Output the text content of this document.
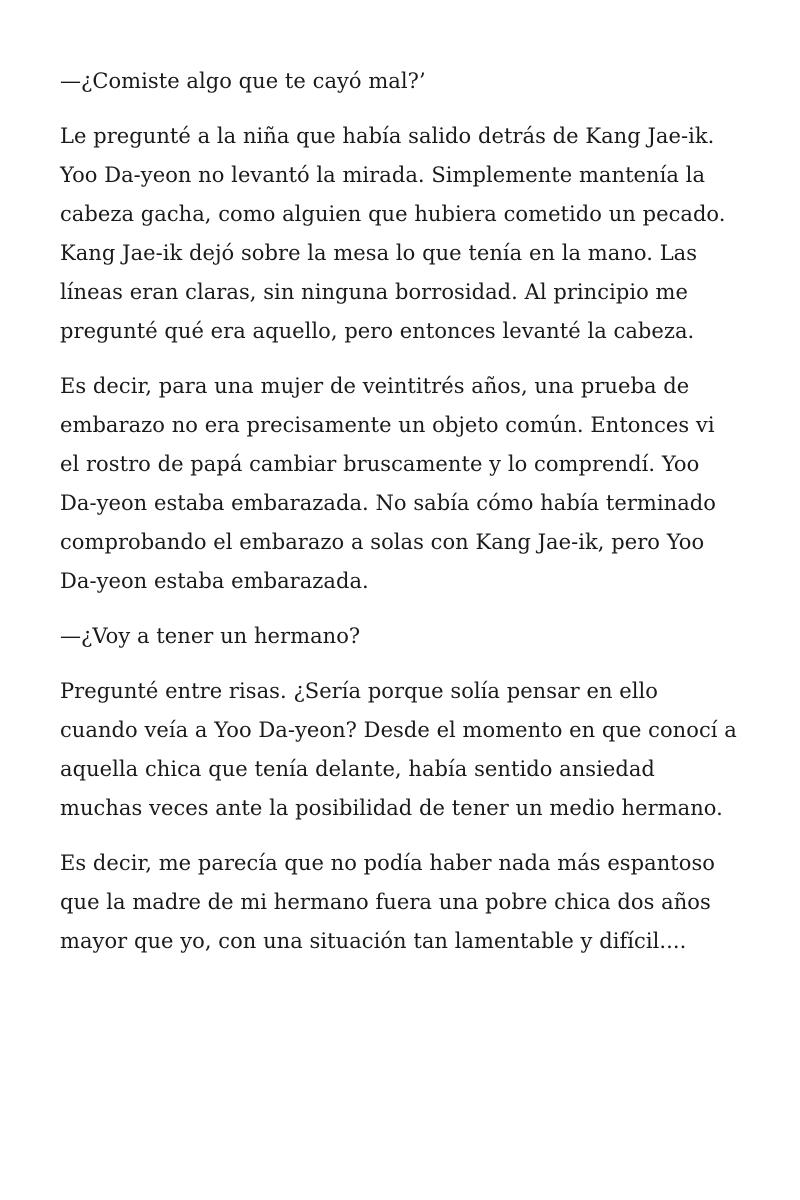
—¿Comiste algo que te cayó mal?’

Le pregunté a la niña que había salido detrás de Kang Jae-ik. Yoo Da-yeon no levantó la mirada. Simplemente mantenía la cabeza gacha, como alguien que hubiera cometido un pecado. Kang Jae-ik dejó sobre la mesa lo que tenía en la mano. Las líneas eran claras, sin ninguna borrosidad. Al principio me pregunté qué era aquello, pero entonces levanté la cabeza.

Es decir, para una mujer de veintitrés años, una prueba de embarazo no era precisamente un objeto común. Entonces vi el rostro de papá cambiar bruscamente y lo comprendí. Yoo Da-yeon estaba embarazada. No sabía cómo había terminado comprobando el embarazo a solas con Kang Jae-ik, pero Yoo Da-yeon estaba embarazada.

—¿Voy a tener un hermano?

Pregunté entre risas. ¿Sería porque solía pensar en ello cuando veía a Yoo Da-yeon? Desde el momento en que conocí a aquella chica que tenía delante, había sentido ansiedad muchas veces ante la posibilidad de tener un medio hermano.

Es decir, me parecía que no podía haber nada más espantoso que la madre de mi hermano fuera una pobre chica dos años mayor que yo, con una situación tan lamentable y difícil....
